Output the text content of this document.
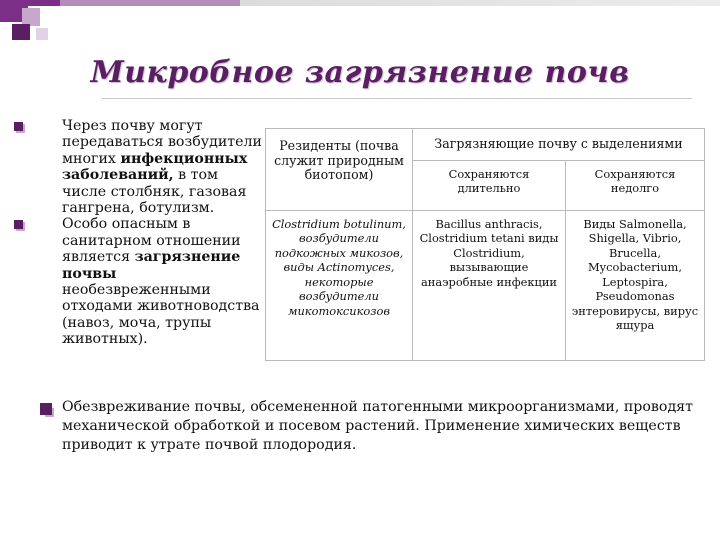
Микробное загрязнение почв
Через почву могут передаваться возбудители многих инфекционных заболеваний, в том числе столбняк, газовая гангрена, ботулизм.
Особо опасным в санитарном отношении является загрязнение почвы необезвреженными отходами животноводства (навоз, моча, трупы животных).
Резиденты (почва служит природным биотопом)	Загрязняющие почву с выделениями	
	Сохраняются длительно	Сохраняются недолго
Clostridium botulinum, возбудители подкожных микозов, виды Actinomyces, некоторые возбудители микотоксикозов	Bacillus anthracis, Clostridium tetani виды Clostridium, вызывающие анаэробные инфекции	Виды Salmonella, Shigella, Vibrio, Brucella, Mycobacterium, Leptospira, Pseudomonas энтеровирусы, вирус ящура
Обезвреживание почвы, обсемененной патогенными микроорганизмами, проводят механической обработкой и посевом растений. Применение химических веществ приводит к утрате почвой плодородия.
